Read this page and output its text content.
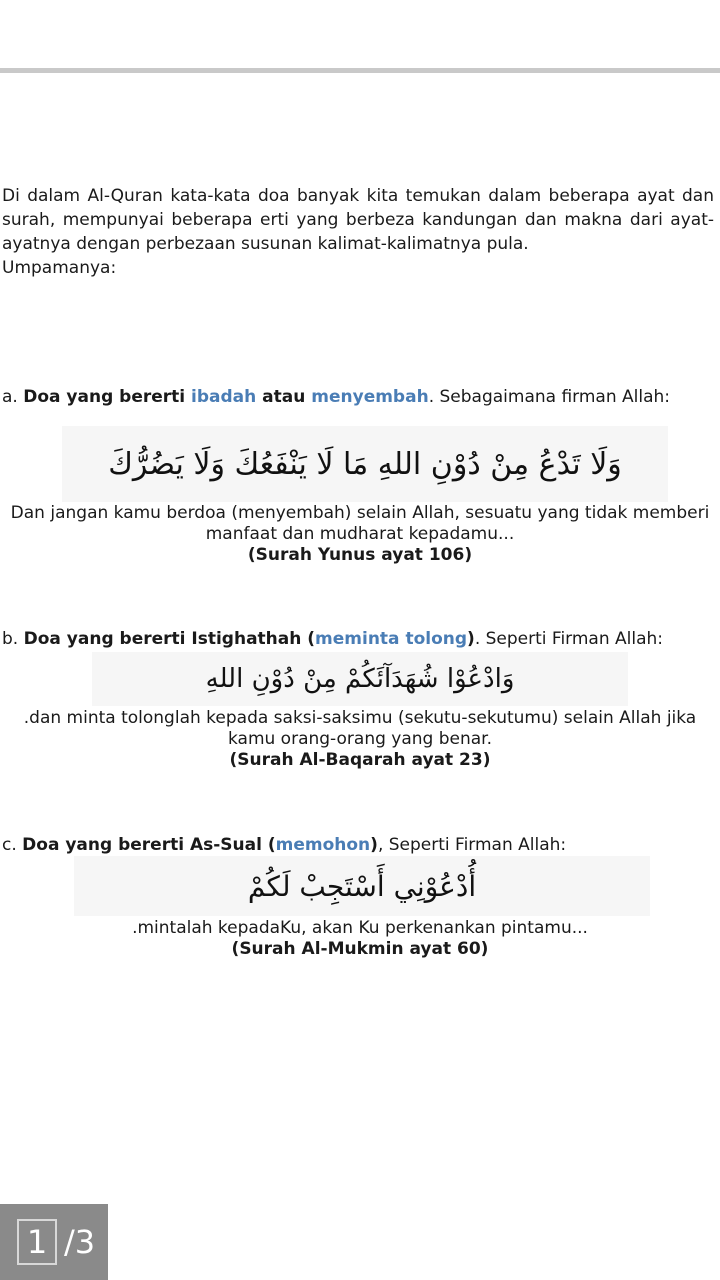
Di dalam Al-Quran kata-kata doa banyak kita temukan dalam beberapa ayat dan surah, mempunyai beberapa erti yang berbeza kandungan dan makna dari ayat-ayatnya dengan perbezaan susunan kalimat-kalimatnya pula.

Umpamanya:

a. Doa yang bererti ibadah atau menyembah. Sebagaimana firman Allah:
وَلَا تَدْعُ مِنْ دُوْنِ اللهِ مَا لَا يَنْفَعُكَ وَلَا يَضُرُّكَ
Dan jangan kamu berdoa (menyembah) selain Allah, sesuatu yang tidak memberi manfaat dan mudharat kepadamu...
(Surah Yunus ayat 106)
b. Doa yang bererti Istighathah (meminta tolong). Seperti Firman Allah:
وَادْعُوْا شُهَدَآئَكُمْ مِنْ دُوْنِ اللهِ
.dan minta tolonglah kepada saksi-saksimu (sekutu-sekutumu) selain Allah jika kamu orang-orang yang benar.
(Surah Al-Baqarah ayat 23)
c. Doa yang bererti As-Sual (memohon), Seperti Firman Allah:
أُدْعُوْنِي أَسْتَجِبْ لَكُمْ
.mintalah kepadaKu, akan Ku perkenankan pintamu...
(Surah Al-Mukmin ayat 60)
1 /3
